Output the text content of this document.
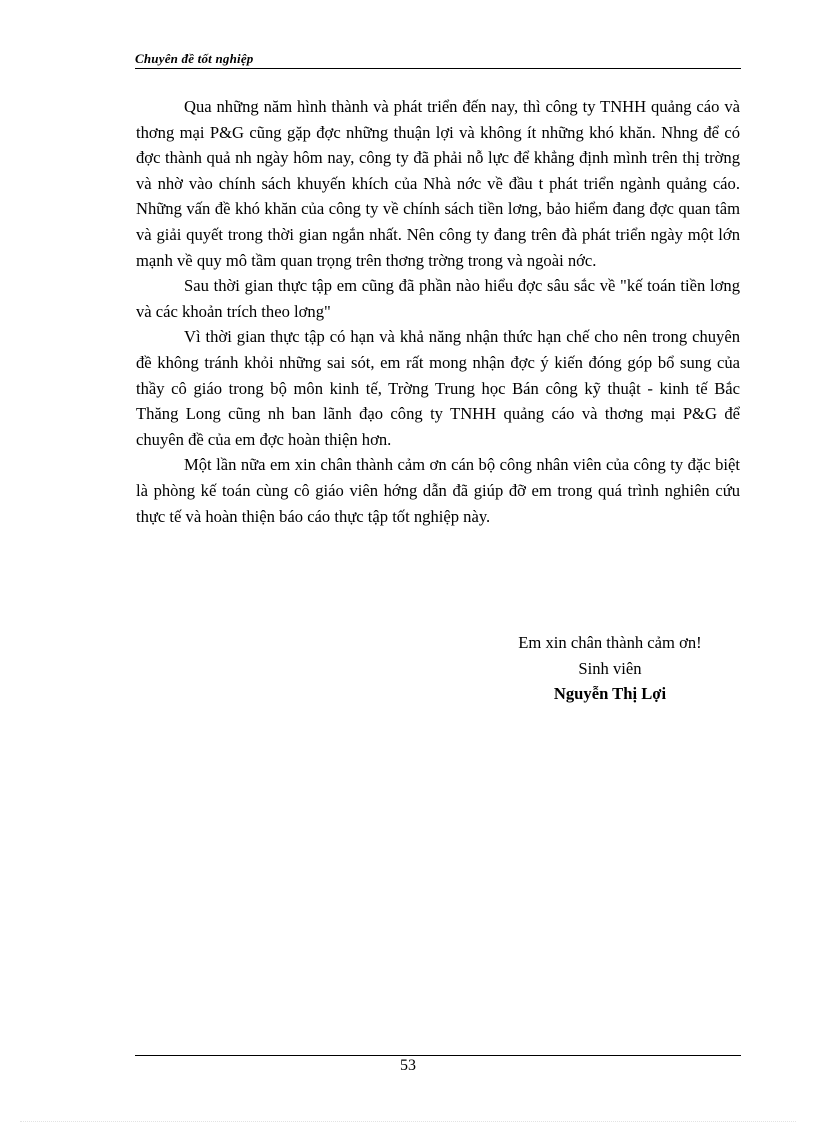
Chuyên đề tốt nghiệp

Qua những năm hình thành và phát triển đến nay, thì công ty TNHH quảng cáo và thơng mại P&G cũng gặp đợc những thuận lợi và không ít những khó khăn. Nhng để có đợc thành quả nh ngày hôm nay, công ty đã phải nỗ lực để khẳng định mình trên thị trờng và nhờ vào chính sách khuyến khích của Nhà nớc về đầu t phát triển ngành quảng cáo. Những vấn đề khó khăn của công ty về chính sách tiền lơng, bảo hiểm đang đợc quan tâm và giải quyết trong thời gian ngắn nhất. Nên công ty đang trên đà phát triển ngày một lớn mạnh về quy mô tầm quan trọng trên thơng trờng trong và ngoài nớc.

Sau thời gian thực tập em cũng đã phần nào hiểu đợc sâu sắc về "kế toán tiền lơng và các khoản trích theo lơng"

Vì thời gian thực tập có hạn và khả năng nhận thức hạn chế cho nên trong chuyên đề không tránh khỏi những sai sót, em rất mong nhận đợc ý kiến đóng góp bổ sung của thầy cô giáo trong bộ môn kinh tế, Trờng Trung học Bán công kỹ thuật - kinh tế Bắc Thăng Long cũng nh ban lãnh đạo công ty TNHH quảng cáo và thơng mại P&G để chuyên đề của em đợc hoàn thiện hơn.

Một lần nữa em xin chân thành cảm ơn cán bộ công nhân viên của công ty đặc biệt là phòng kế toán cùng cô giáo viên hớng dẫn đã giúp đỡ em trong quá trình nghiên cứu thực tế và hoàn thiện báo cáo thực tập tốt nghiệp này.

Em xin chân thành cảm ơn!
Sinh viên
Nguyễn Thị Lợi
53
